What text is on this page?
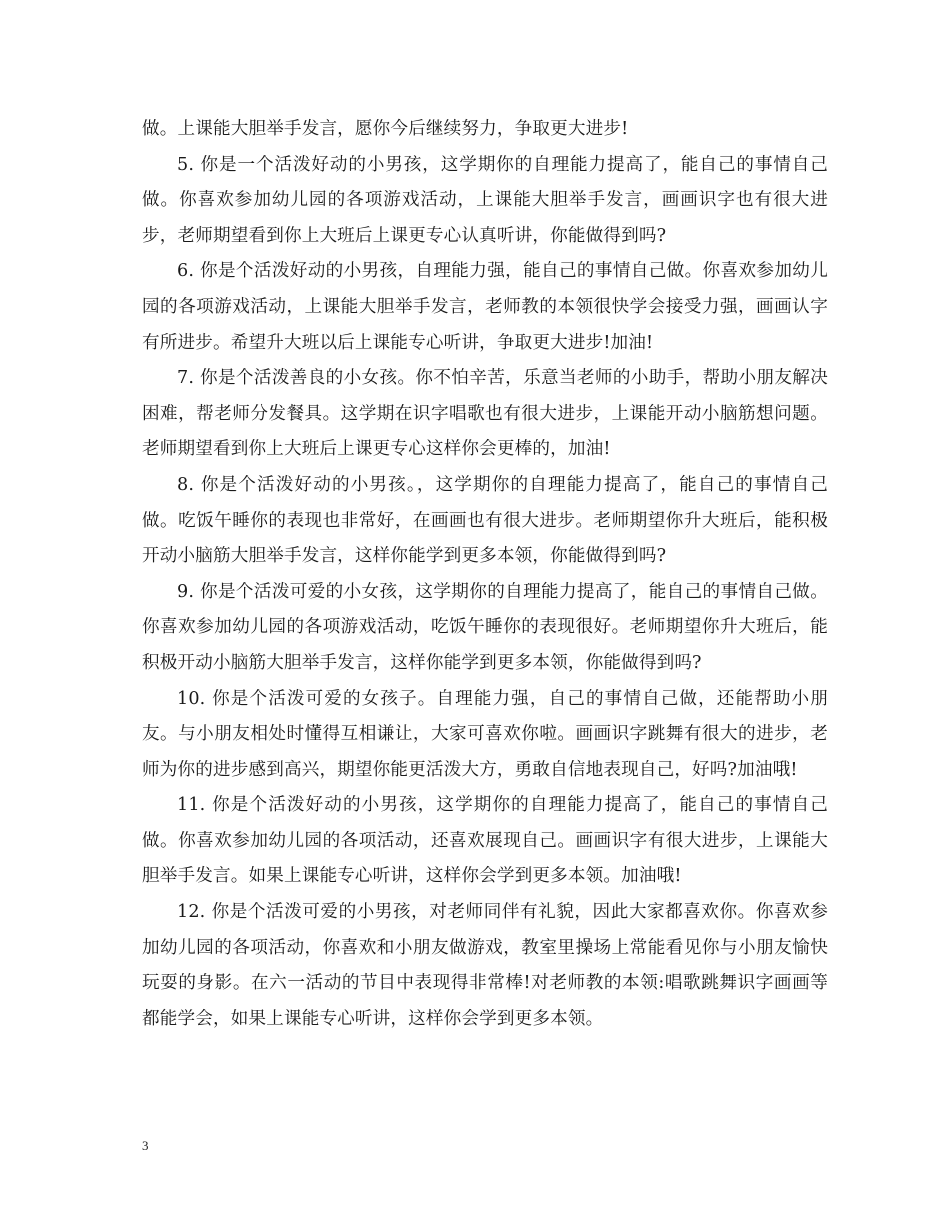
做。上课能大胆举手发言，愿你今后继续努力，争取更大进步!

5. 你是一个活泼好动的小男孩，这学期你的自理能力提高了，能自己的事情自己做。你喜欢参加幼儿园的各项游戏活动，上课能大胆举手发言，画画识字也有很大进步，老师期望看到你上大班后上课更专心认真听讲，你能做得到吗?

6. 你是个活泼好动的小男孩，自理能力强，能自己的事情自己做。你喜欢参加幼儿园的各项游戏活动，上课能大胆举手发言，老师教的本领很快学会接受力强，画画认字有所进步。希望升大班以后上课能专心听讲，争取更大进步!加油!

7. 你是个活泼善良的小女孩。你不怕辛苦，乐意当老师的小助手，帮助小朋友解决困难，帮老师分发餐具。这学期在识字唱歌也有很大进步，上课能开动小脑筋想问题。老师期望看到你上大班后上课更专心这样你会更棒的，加油!

8. 你是个活泼好动的小男孩。，这学期你的自理能力提高了，能自己的事情自己做。吃饭午睡你的表现也非常好，在画画也有很大进步。老师期望你升大班后，能积极开动小脑筋大胆举手发言，这样你能学到更多本领，你能做得到吗?

9. 你是个活泼可爱的小女孩，这学期你的自理能力提高了，能自己的事情自己做。你喜欢参加幼儿园的各项游戏活动，吃饭午睡你的表现很好。老师期望你升大班后，能积极开动小脑筋大胆举手发言，这样你能学到更多本领，你能做得到吗?

10. 你是个活泼可爱的女孩子。自理能力强，自己的事情自己做，还能帮助小朋友。与小朋友相处时懂得互相谦让，大家可喜欢你啦。画画识字跳舞有很大的进步，老师为你的进步感到高兴，期望你能更活泼大方，勇敢自信地表现自己，好吗?加油哦!

11. 你是个活泼好动的小男孩，这学期你的自理能力提高了，能自己的事情自己做。你喜欢参加幼儿园的各项活动，还喜欢展现自己。画画识字有很大进步，上课能大胆举手发言。如果上课能专心听讲，这样你会学到更多本领。加油哦!

12. 你是个活泼可爱的小男孩，对老师同伴有礼貌，因此大家都喜欢你。你喜欢参加幼儿园的各项活动，你喜欢和小朋友做游戏，教室里操场上常能看见你与小朋友愉快玩耍的身影。在六一活动的节目中表现得非常棒!对老师教的本领:唱歌跳舞识字画画等都能学会，如果上课能专心听讲，这样你会学到更多本领。

3
